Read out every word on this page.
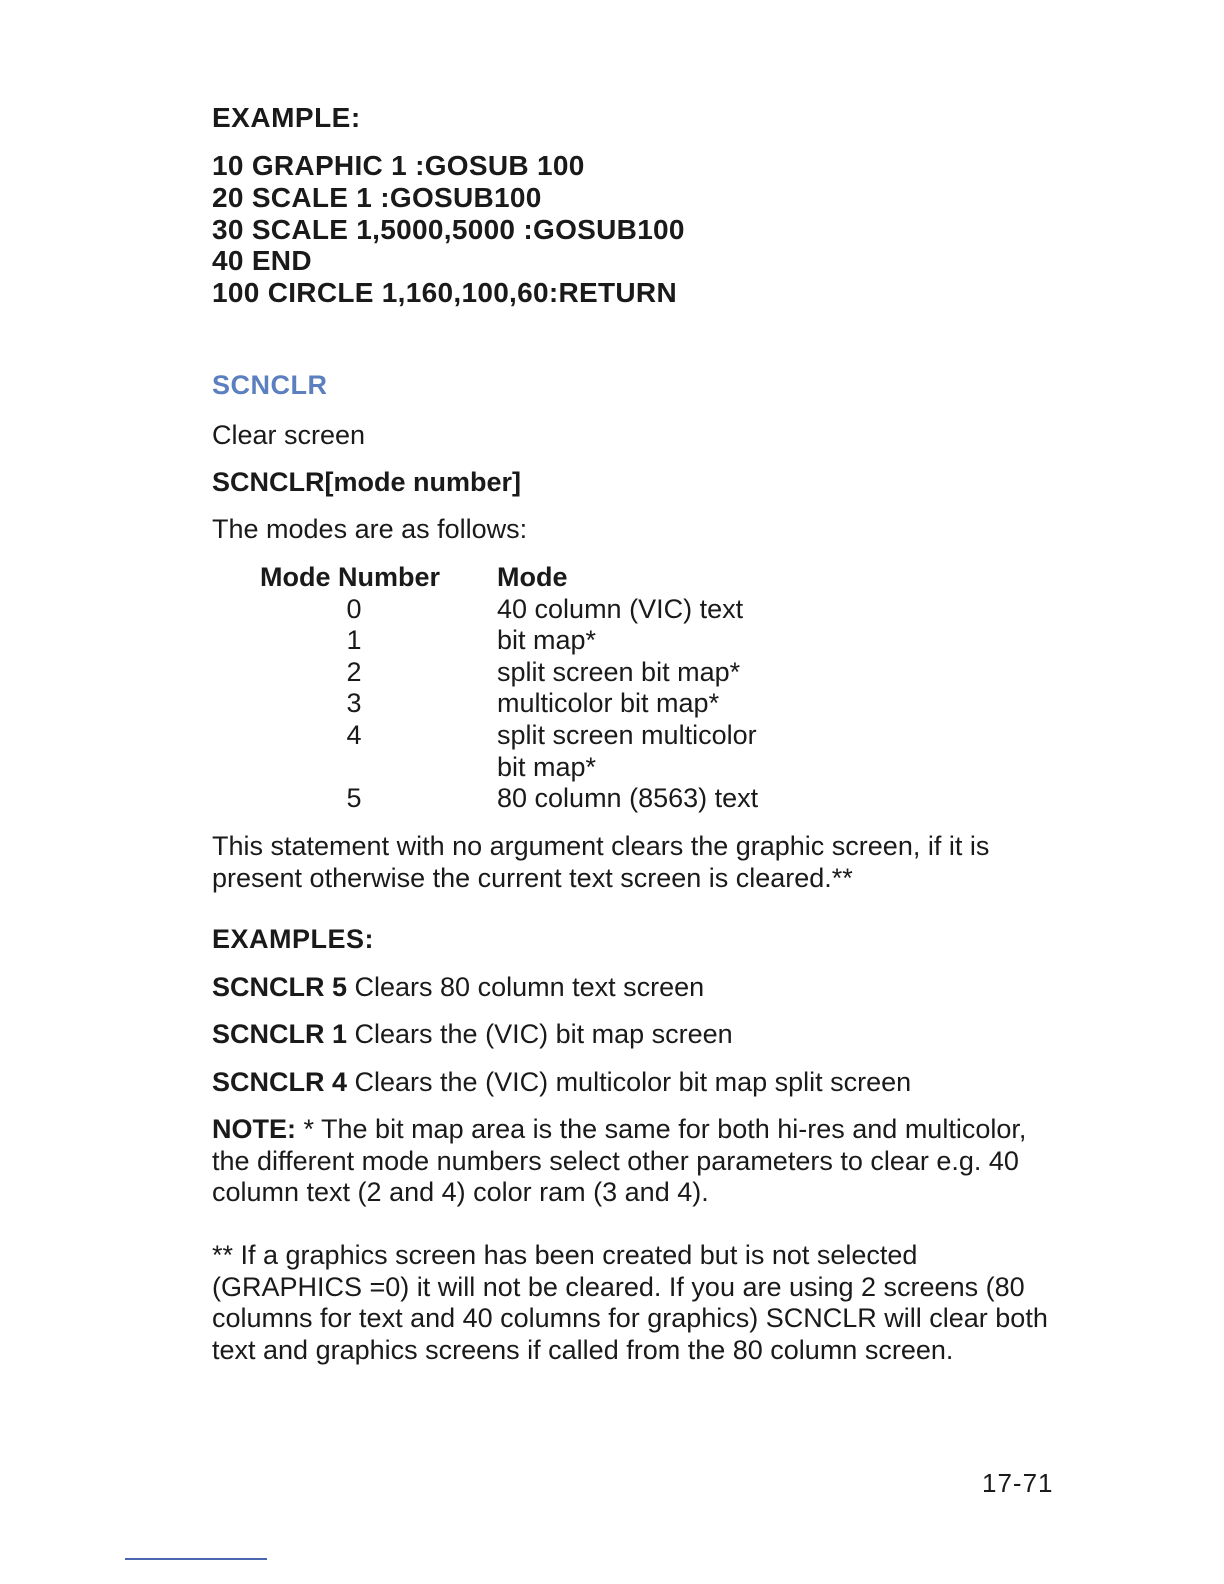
EXAMPLE:
10 GRAPHIC 1 :GOSUB 100
20 SCALE 1 :GOSUB100
30 SCALE 1,5000,5000 :GOSUB100
40 END
100 CIRCLE 1,160,100,60:RETURN
SCNCLR
Clear screen
SCNCLR[mode number]
The modes are as follows:
Mode Number	Mode
0	40 column (VIC) text
1	bit map*
2	split screen bit map*
3	multicolor bit map*
4	split screen multicolor
bit map*
5	80 column (8563) text
This statement with no argument clears the graphic screen, if it is present otherwise the current text screen is cleared.**
EXAMPLES:
SCNCLR 5 Clears 80 column text screen
SCNCLR 1 Clears the (VIC) bit map screen
SCNCLR 4 Clears the (VIC) multicolor bit map split screen
NOTE: * The bit map area is the same for both hi-res and multicolor, the different mode numbers select other parameters to clear e.g. 40 column text (2 and 4) color ram (3 and 4).
** If a graphics screen has been created but is not selected (GRAPHICS =0) it will not be cleared. If you are using 2 screens (80 columns for text and 40 columns for graphics) SCNCLR will clear both text and graphics screens if called from the 80 column screen.
17-71
